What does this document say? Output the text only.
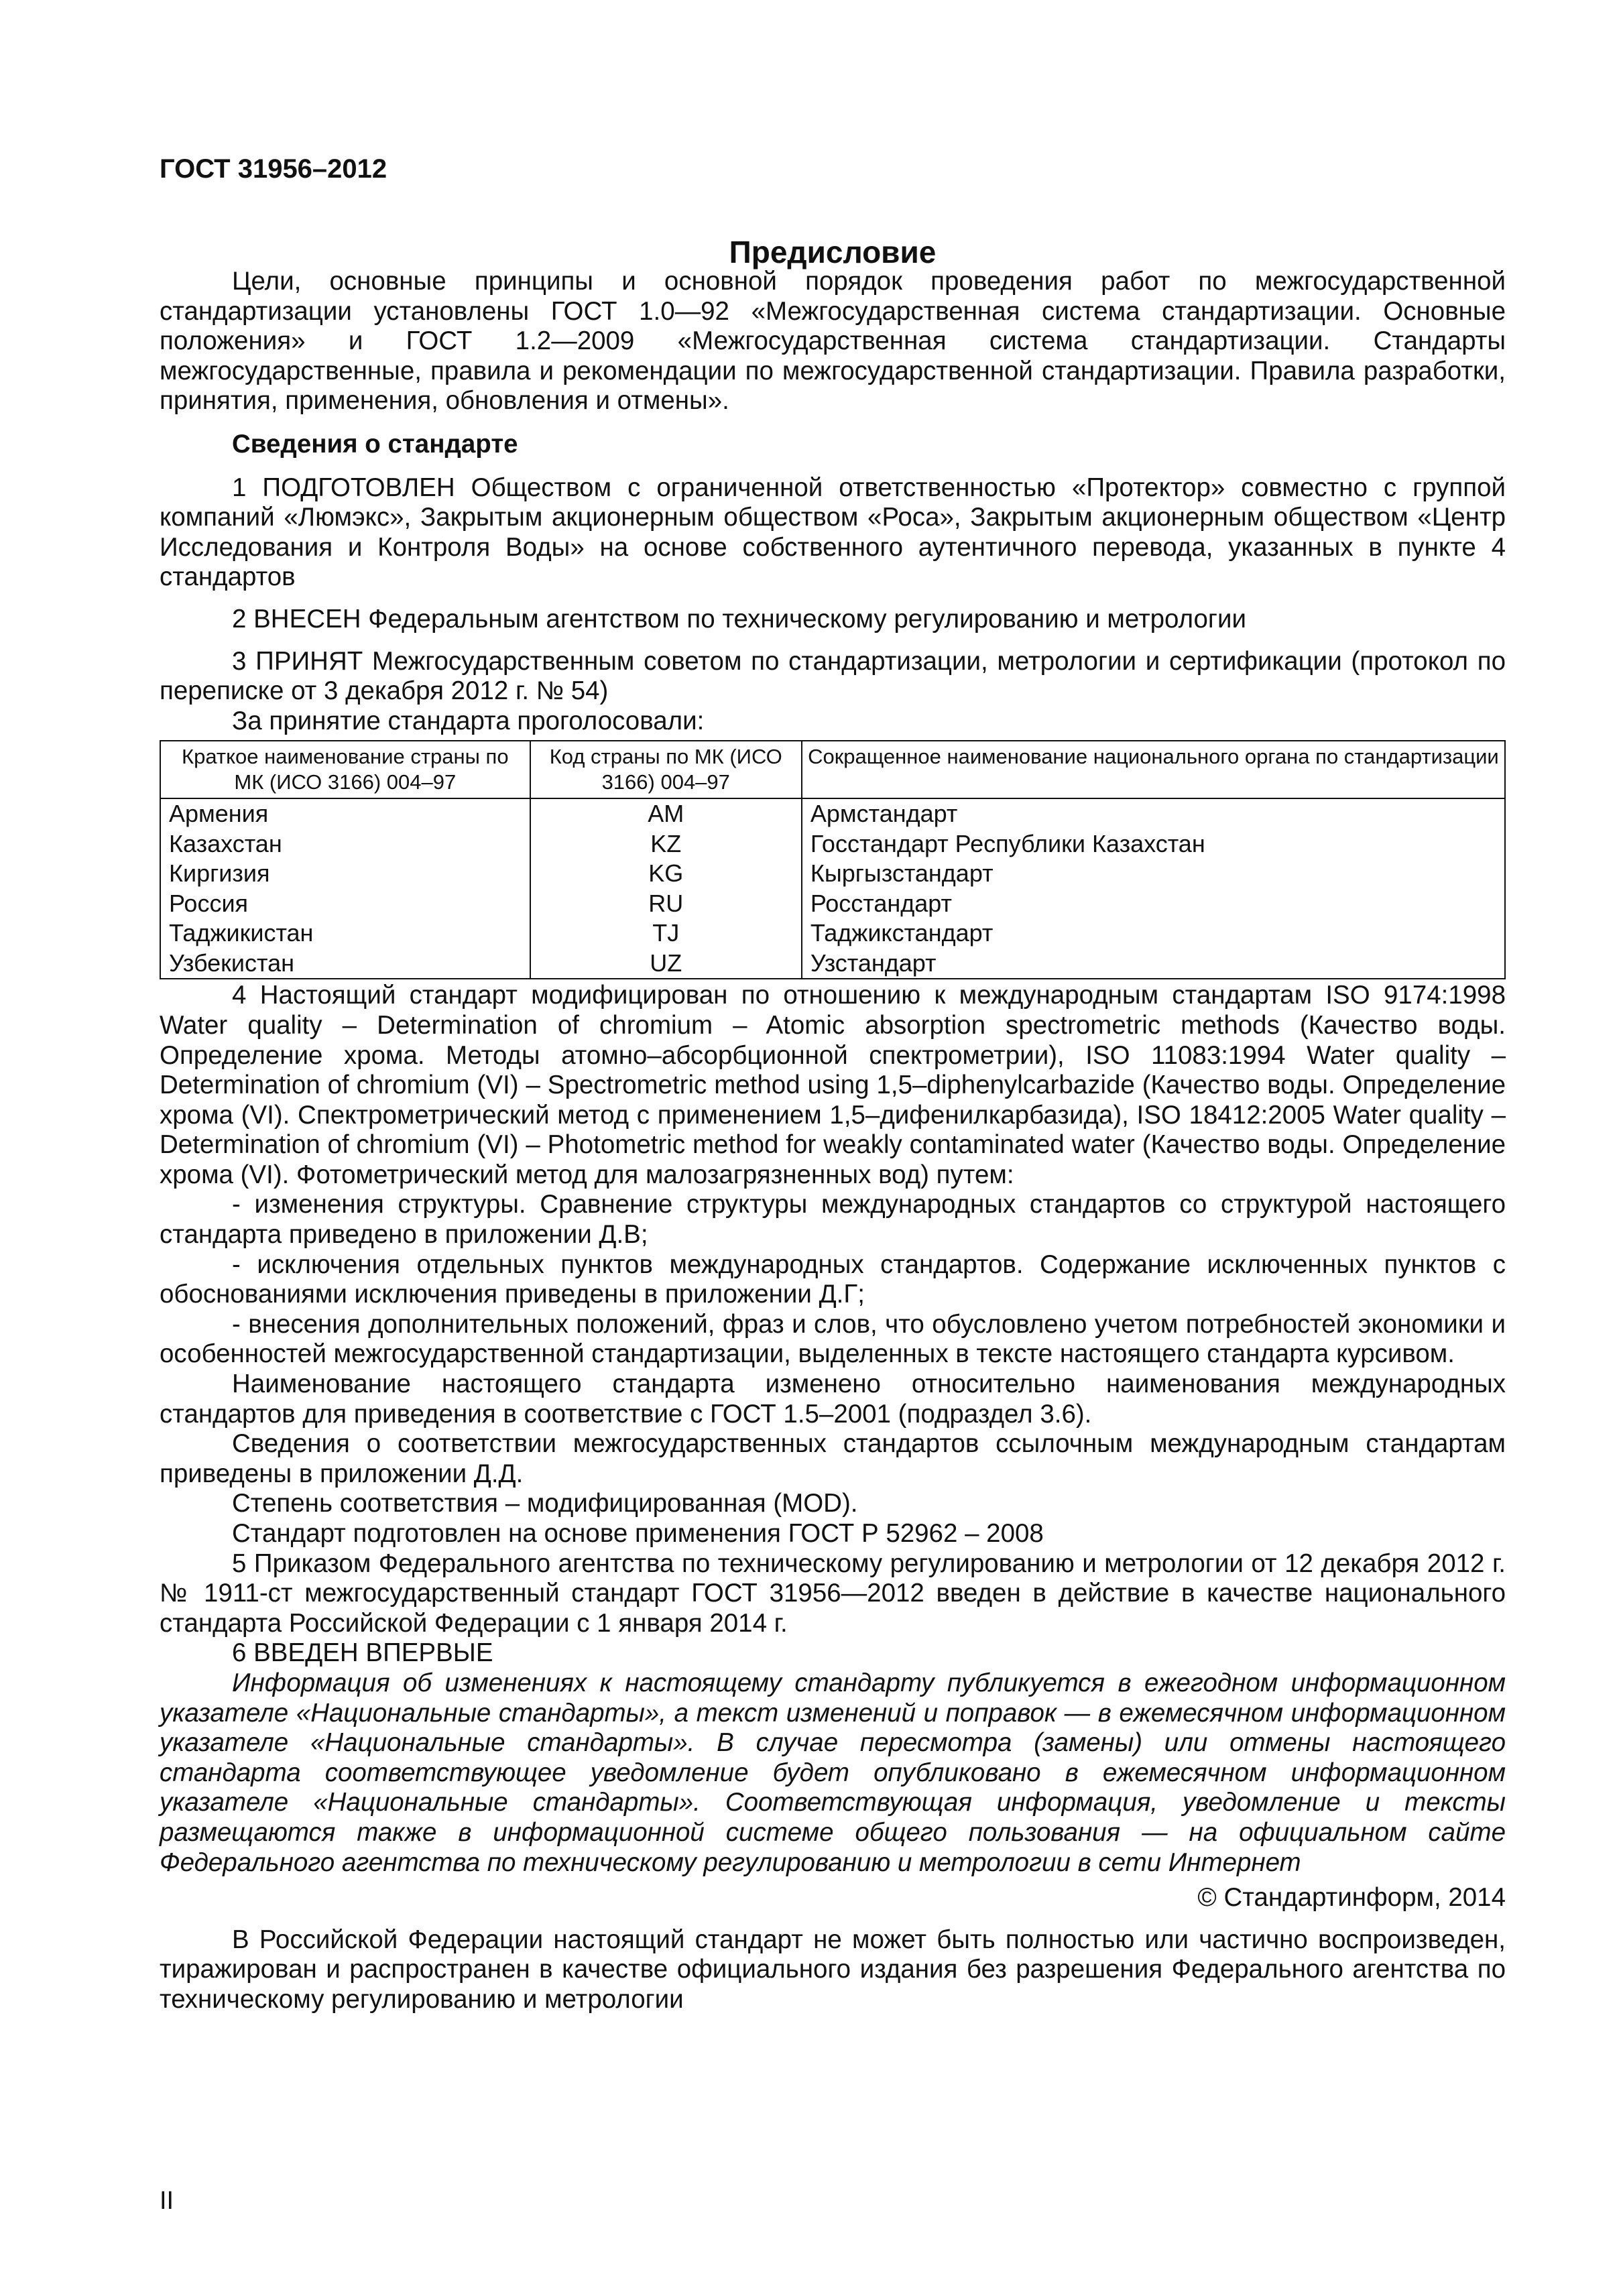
ГОСТ 31956–2012
Предисловие

Цели, основные принципы и основной порядок проведения работ по межгосударственной стандартизации установлены ГОСТ 1.0—92 «Межгосударственная система стандартизации. Основные положения» и ГОСТ 1.2—2009 «Межгосударственная система стандартизации. Стандарты межгосударственные, правила и рекомендации по межгосударственной стандартизации. Правила разработки, принятия, применения, обновления и отмены».

Сведения о стандарте

1 ПОДГОТОВЛЕН Обществом с ограниченной ответственностью «Протектор» совместно с группой компаний «Люмэкс», Закрытым акционерным обществом «Роса», Закрытым акционерным обществом «Центр Исследования и Контроля Воды» на основе собственного аутентичного перевода, указанных в пункте 4 стандартов

2 ВНЕСЕН Федеральным агентством по техническому регулированию и метрологии

3 ПРИНЯТ Межгосударственным советом по стандартизации, метрологии и сертификации (протокол по переписке от 3 декабря 2012 г. № 54)

За принятие стандарта проголосовали:

Краткое наименование страны по МК (ИСО 3166) 004–97	Код страны по МК (ИСО 3166) 004–97	Сокращенное наименование национального органа по стандартизации
Армения	AM	Армстандарт
Казахстан	KZ	Госстандарт Республики Казахстан
Киргизия	KG	Кыргызстандарт
Россия	RU	Росстандарт
Таджикистан	TJ	Таджикстандарт
Узбекистан	UZ	Узстандарт

4 Настоящий стандарт модифицирован по отношению к международным стандартам ISO 9174:1998 Water quality – Determination of chromium – Atomic absorption spectrometric methods (Качество воды. Определение хрома. Методы атомно–абсорбционной спектрометрии), ISO 11083:1994 Water quality – Determination of chromium (VI) – Spectrometric method using 1,5–diphenylcarbazide (Качество воды. Определение хрома (VI). Спектрометрический метод с применением 1,5–дифенилкарбазида), ISO 18412:2005 Water quality – Determination of chromium (VI) – Photometric method for weakly contaminated water (Качество воды. Определение хрома (VI). Фотометрический метод для малозагрязненных вод) путем:

- изменения структуры. Сравнение структуры международных стандартов со структурой настоящего стандарта приведено в приложении Д.В;

- исключения отдельных пунктов международных стандартов. Содержание исключенных пунктов с обоснованиями исключения приведены в приложении Д.Г;

- внесения дополнительных положений, фраз и слов, что обусловлено учетом потребностей экономики и особенностей межгосударственной стандартизации, выделенных в тексте настоящего стандарта курсивом.

Наименование настоящего стандарта изменено относительно наименования международных стандартов для приведения в соответствие с ГОСТ 1.5–2001 (подраздел 3.6).

Сведения о соответствии межгосударственных стандартов ссылочным международным стандартам приведены в приложении Д.Д.

Степень соответствия – модифицированная (MOD).

Стандарт подготовлен на основе применения ГОСТ Р 52962 – 2008

5 Приказом Федерального агентства по техническому регулированию и метрологии от 12 декабря 2012 г. № 1911-ст межгосударственный стандарт ГОСТ 31956—2012 введен в действие в качестве национального стандарта Российской Федерации с 1 января 2014 г.

6 ВВЕДЕН ВПЕРВЫЕ

Информация об изменениях к настоящему стандарту публикуется в ежегодном информационном указателе «Национальные стандарты», а текст изменений и поправок — в ежемесячном информационном указателе «Национальные стандарты». В случае пересмотра (замены) или отмены настоящего стандарта соответствующее уведомление будет опубликовано в ежемесячном информационном указателе «Национальные стандарты». Соответствующая информация, уведомление и тексты размещаются также в информационной системе общего пользования — на официальном сайте Федерального агентства по техническому регулированию и метрологии в сети Интернет

© Стандартинформ, 2014

В Российской Федерации настоящий стандарт не может быть полностью или частично воспроизведен, тиражирован и распространен в качестве официального издания без разрешения Федерального агентства по техническому регулированию и метрологии

II
